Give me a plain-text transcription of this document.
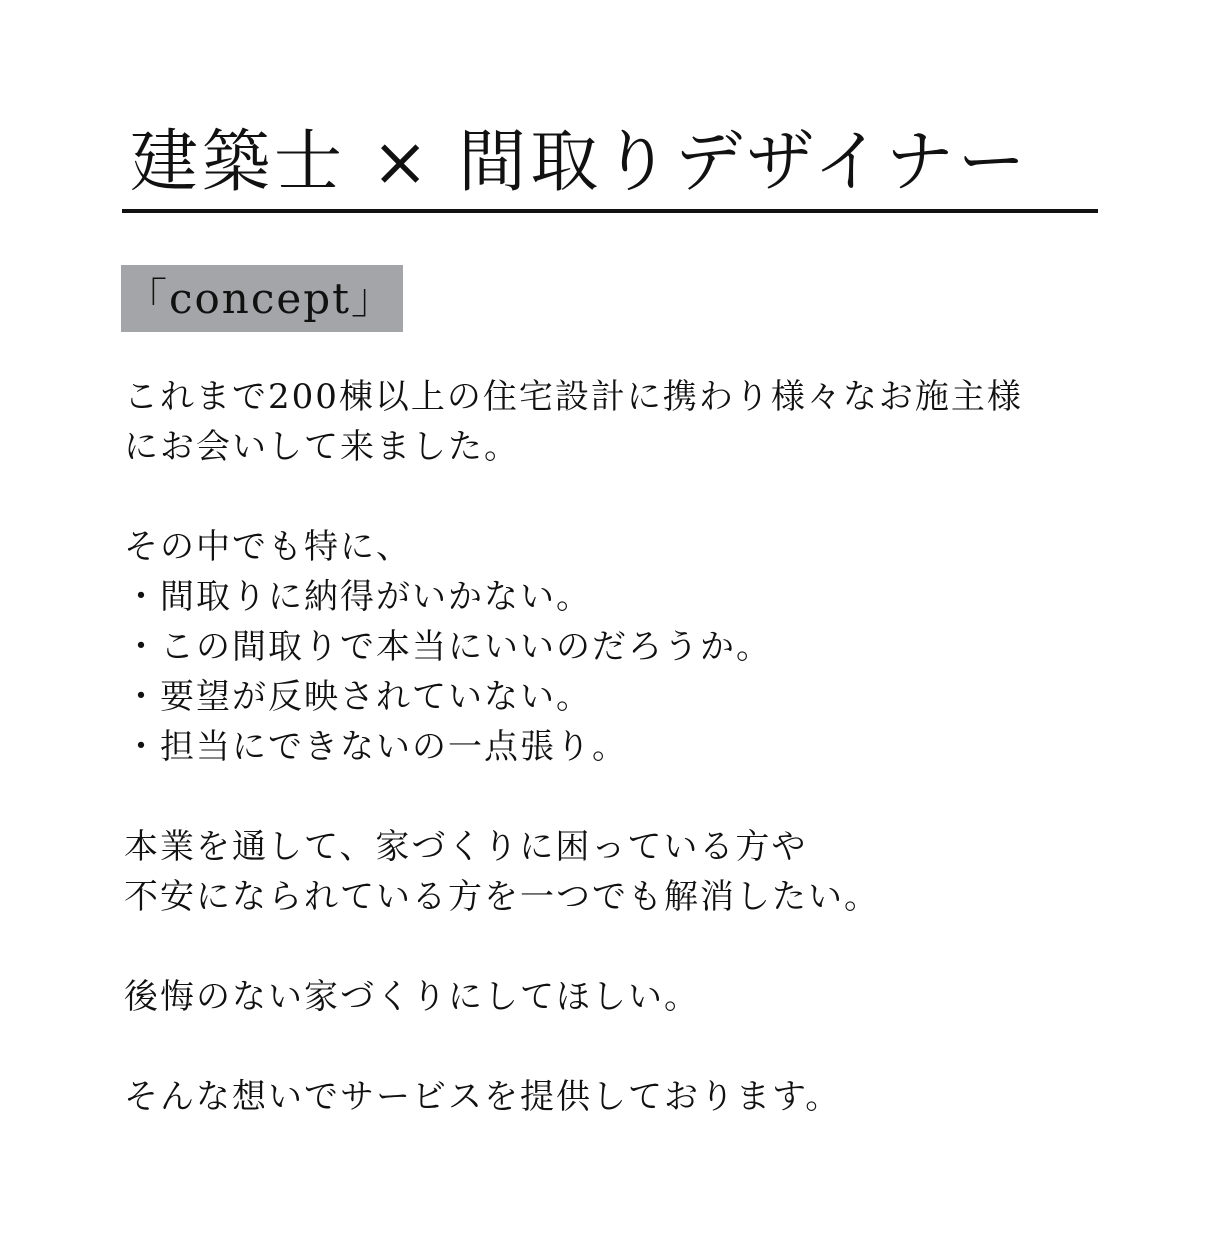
建築士 × 間取りデザイナー
「concept」
これまで200棟以上の住宅設計に携わり様々なお施主様
にお会いして来ました。
その中でも特に、
・間取りに納得がいかない。
・この間取りで本当にいいのだろうか。
・要望が反映されていない。
・担当にできないの一点張り。
本業を通して、家づくりに困っている方や
不安になられている方を一つでも解消したい。
後悔のない家づくりにしてほしい。
そんな想いでサービスを提供しております。
